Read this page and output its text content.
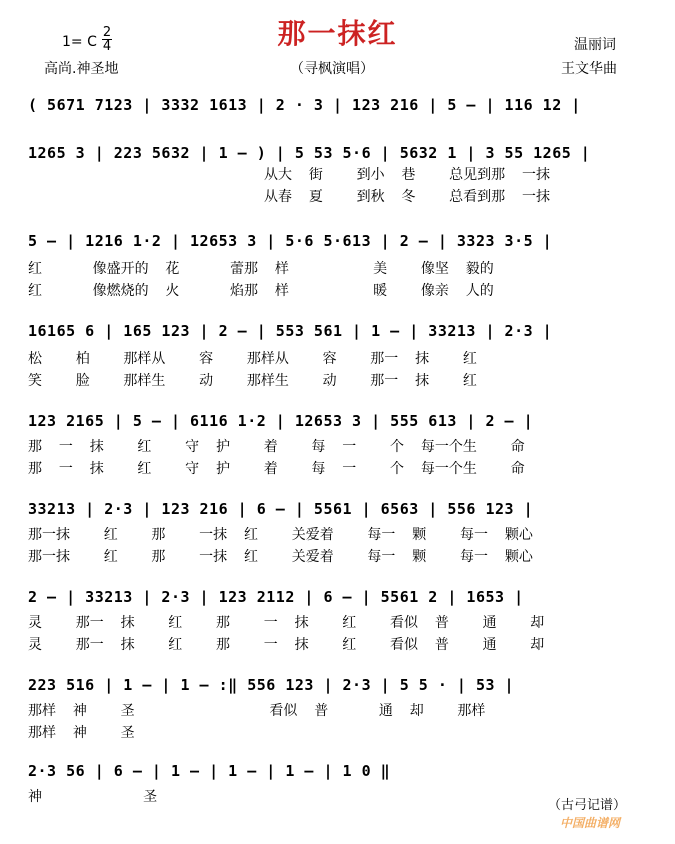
1= C
2
4	那一抹红	温丽词
高尚.神圣地	（寻枫演唱）	王文华曲
( 5671 7123 | 3332 1613 | 2 · 3 | 123 216 | 5 – | 116 12 |
1265 3 | 223 5632 | 1 – ) | 5 53 5·6 | 5632 1 | 3 55 1265 |
从大  街    到小  巷    总见到那  一抹
从春  夏    到秋  冬    总看到那  一抹
5 – | 1216 1·2 | 12653 3 | 5·6 5·613 | 2 – | 3323 3·5 |
红      像盛开的  花      蕾那  样          美    像坚  毅的
红      像燃烧的  火      焰那  样          暖    像亲  人的
16165 6 | 165 123 | 2 – | 553 561 | 1 – | 33213 | 2·3 |
松    柏    那样从    容    那样从    容    那一  抹    红
笑    脸    那样生    动    那样生    动    那一  抹    红
123 2165 | 5 – | 6116 1·2 | 12653 3 | 555 613 | 2 – |
那  一  抹    红    守  护    着    每  一    个  每一个生    命
那  一  抹    红    守  护    着    每  一    个  每一个生    命
33213 | 2·3 | 123 216 | 6 – | 5561 | 6563 | 556 123 |
那一抹    红    那    一抹  红    关爱着    每一  颗    每一  颗心
那一抹    红    那    一抹  红    关爱着    每一  颗    每一  颗心
2 – | 33213 | 2·3 | 123 2112 | 6 – | 5561 2 | 1653 |
灵    那一  抹    红    那    一  抹    红    看似  普    通    却
灵    那一  抹    红    那    一  抹    红    看似  普    通    却
223 516 | 1 – | 1 – :‖ 556 123 | 2·3 | 5 5 · | 53 |
那样  神    圣                看似  普      通  却    那样
那样  神    圣
2·3 56 | 6 – | 1 – | 1 – | 1 – | 1 0 ‖
神            圣
（古弓记谱）
中国曲谱网
